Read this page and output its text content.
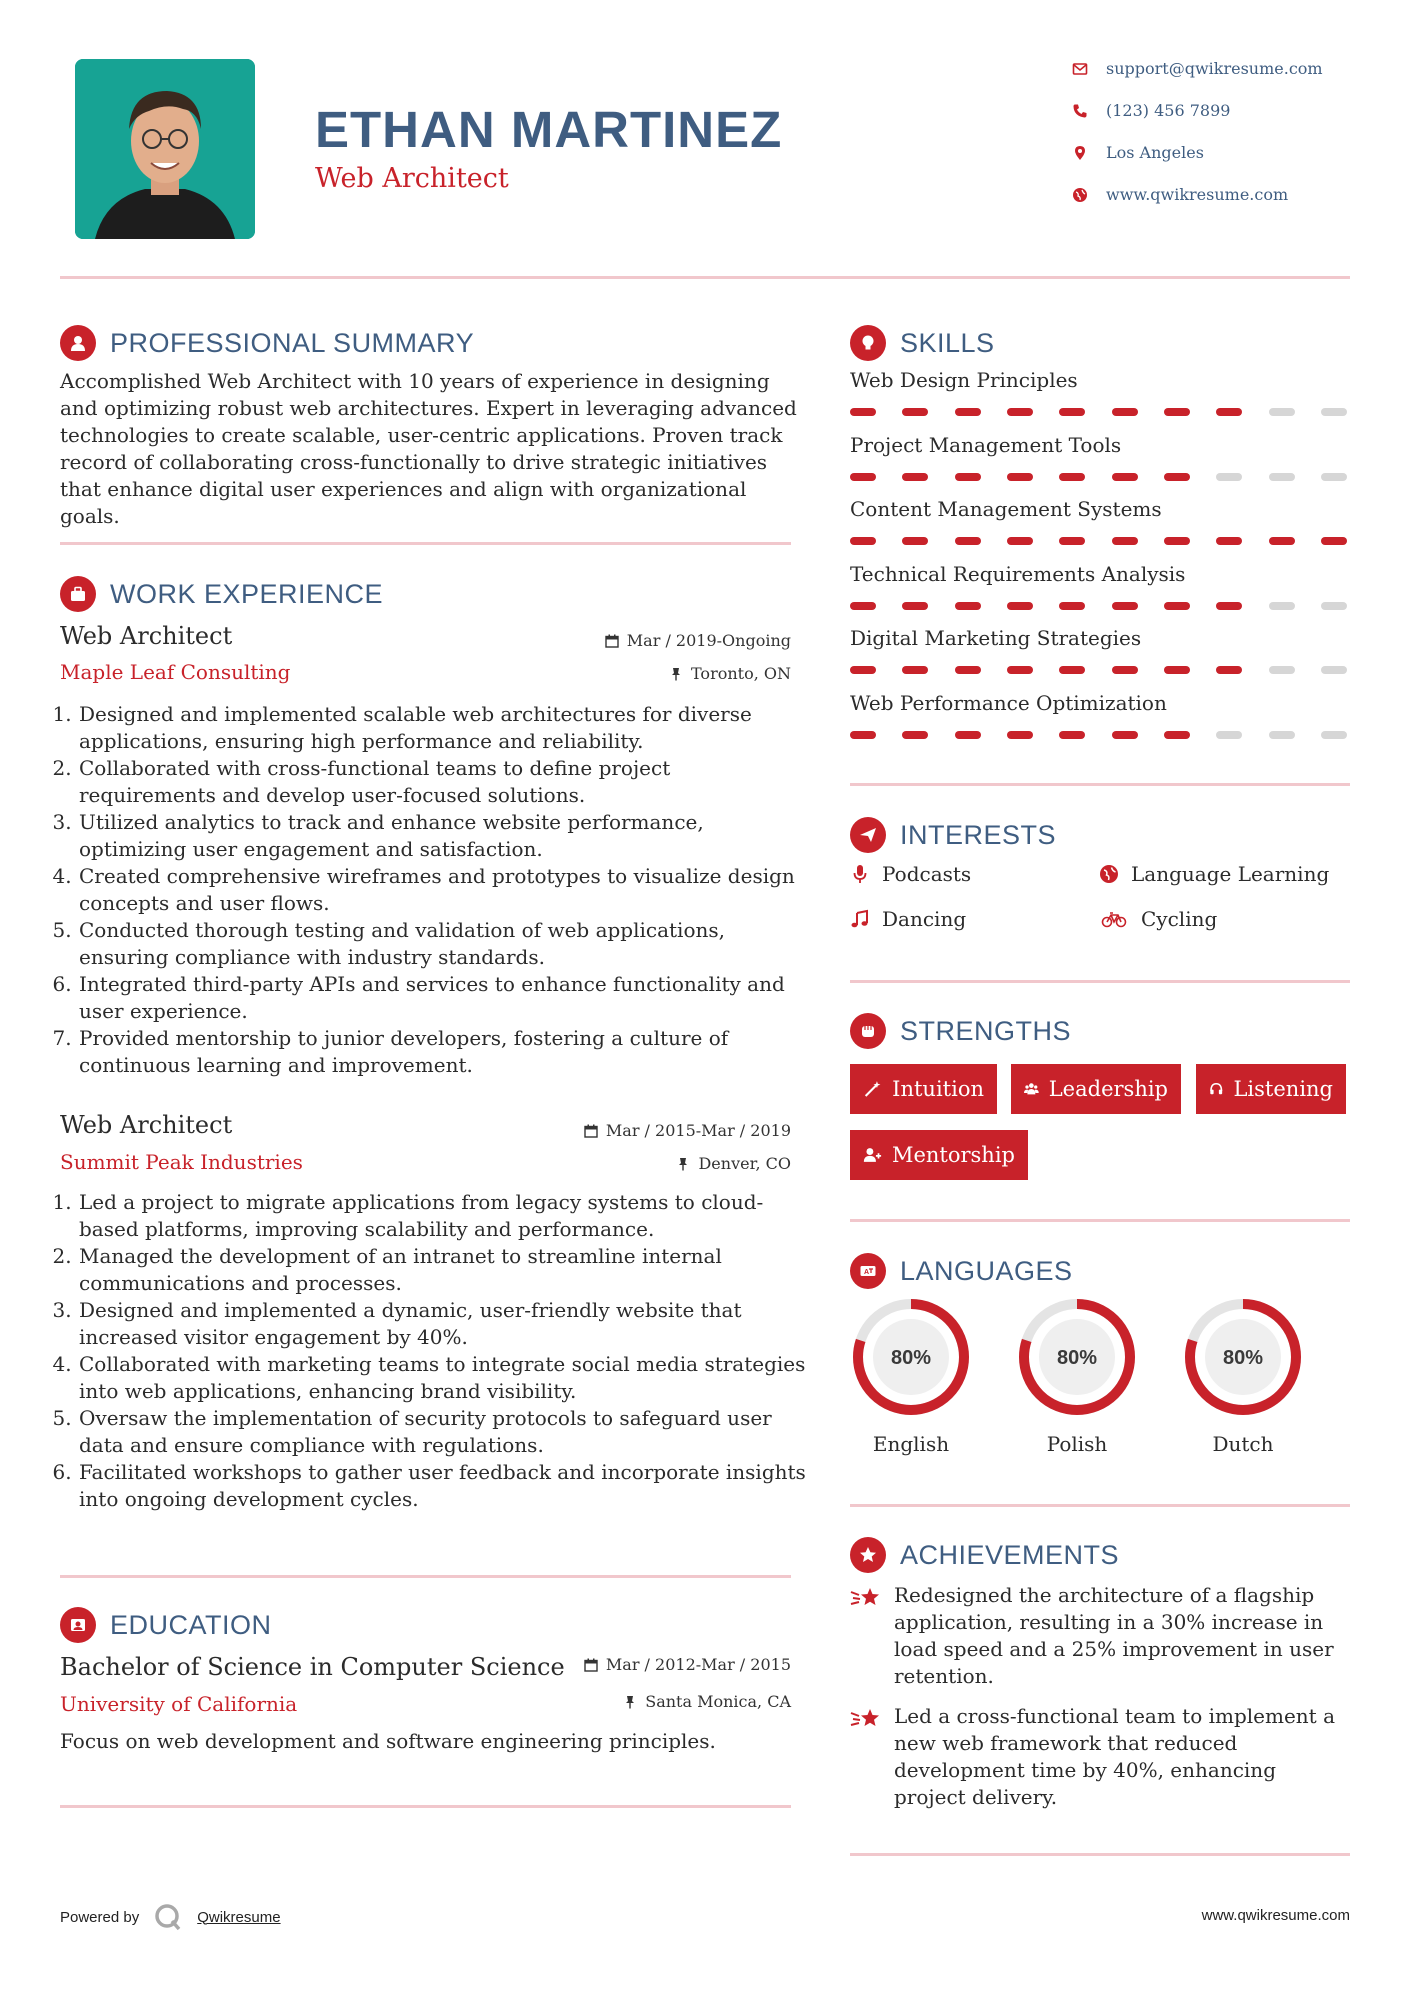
ETHAN MARTINEZ
Web Architect
support@qwikresume.com
(123) 456 7899
Los Angeles
www.qwikresume.com
PROFESSIONAL SUMMARY
Accomplished Web Architect with 10 years of experience in designing and optimizing robust web architectures. Expert in leveraging advanced technologies to create scalable, user-centric applications. Proven track record of collaborating cross-functionally to drive strategic initiatives that enhance digital user experiences and align with organizational goals.
WORK EXPERIENCE
Web Architect
Maple Leaf Consulting
Mar / 2019-Ongoing
Toronto, ON
1. Designed and implemented scalable web architectures for diverse applications, ensuring high performance and reliability.
2. Collaborated with cross-functional teams to define project requirements and develop user-focused solutions.
3. Utilized analytics to track and enhance website performance, optimizing user engagement and satisfaction.
4. Created comprehensive wireframes and prototypes to visualize design concepts and user flows.
5. Conducted thorough testing and validation of web applications, ensuring compliance with industry standards.
6. Integrated third-party APIs and services to enhance functionality and user experience.
7. Provided mentorship to junior developers, fostering a culture of continuous learning and improvement.
Web Architect
Summit Peak Industries
Mar / 2015-Mar / 2019
Denver, CO
1. Led a project to migrate applications from legacy systems to cloud-based platforms, improving scalability and performance.
2. Managed the development of an intranet to streamline internal communications and processes.
3. Designed and implemented a dynamic, user-friendly website that increased visitor engagement by 40%.
4. Collaborated with marketing teams to integrate social media strategies into web applications, enhancing brand visibility.
5. Oversaw the implementation of security protocols to safeguard user data and ensure compliance with regulations.
6. Facilitated workshops to gather user feedback and incorporate insights into ongoing development cycles.
EDUCATION
Bachelor of Science in Computer Science
University of California
Mar / 2012-Mar / 2015
Santa Monica, CA
Focus on web development and software engineering principles.
SKILLS
Web Design Principles
Project Management Tools
Content Management Systems
Technical Requirements Analysis
Digital Marketing Strategies
Web Performance Optimization
INTERESTS
Podcasts	Language Learning
Dancing	Cycling
STRENGTHS
Intuition	Leadership	Listening
Mentorship
A LANGUAGES
80%
English
80%
Polish
80%
Dutch
ACHIEVEMENTS
Redesigned the architecture of a flagship application, resulting in a 30% increase in load speed and a 25% improvement in user retention.
Led a cross-functional team to implement a new web framework that reduced development time by 40%, enhancing project delivery.
Powered by	Qwikresume	www.qwikresume.com
